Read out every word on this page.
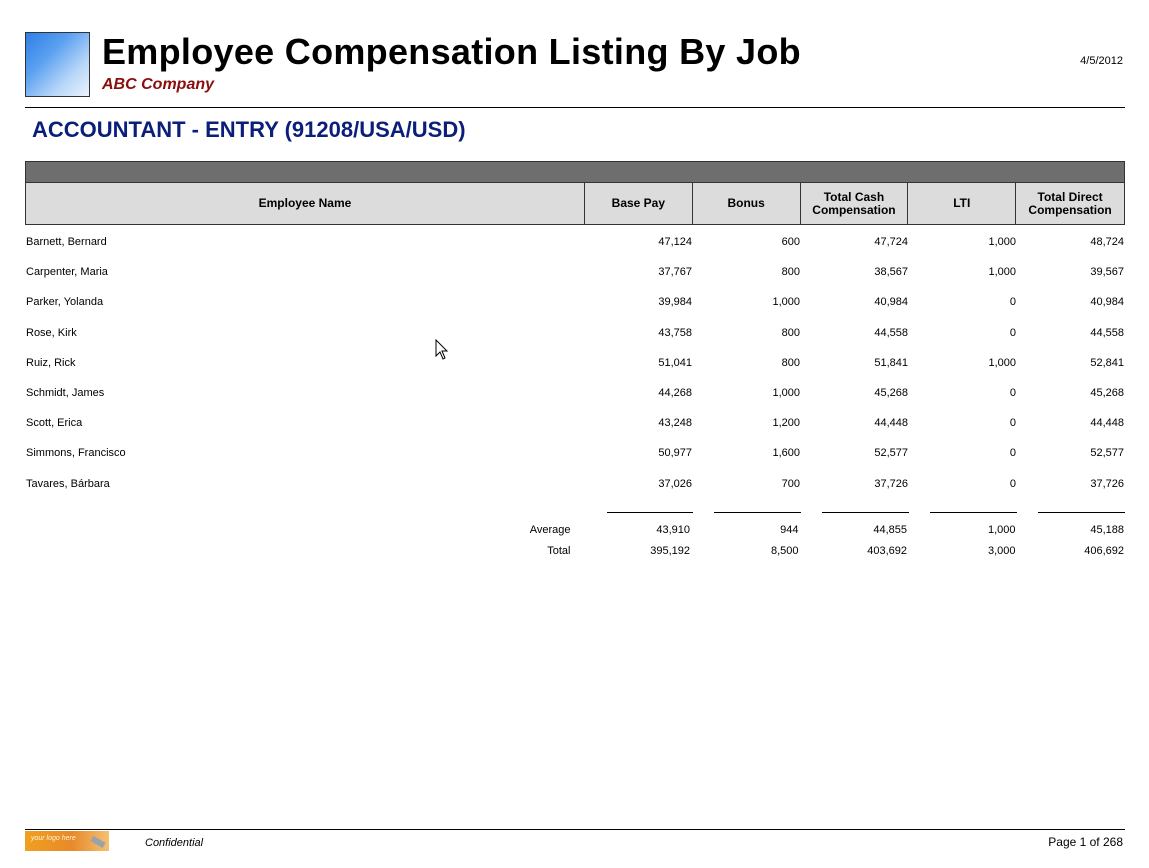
Employee Compensation Listing By Job
ABC Company
4/5/2012
ACCOUNTANT - ENTRY (91208/USA/USD)
Employee Name	Base Pay	Bonus	Total Cash Compensation	LTI	Total Direct Compensation
Barnett, Bernard	47,124	600	47,724	1,000	48,724
Carpenter, Maria	37,767	800	38,567	1,000	39,567
Parker, Yolanda	39,984	1,000	40,984	0	40,984
Rose, Kirk	43,758	800	44,558	0	44,558
Ruiz, Rick	51,041	800	51,841	1,000	52,841
Schmidt, James	44,268	1,000	45,268	0	45,268
Scott, Erica	43,248	1,200	44,448	0	44,448
Simmons, Francisco	50,977	1,600	52,577	0	52,577
Tavares, Bárbara	37,026	700	37,726	0	37,726
Average	43,910	944	44,855	1,000	45,188
Total	395,192	8,500	403,692	3,000	406,692
your logo here	Confidential	Page 1 of 268
